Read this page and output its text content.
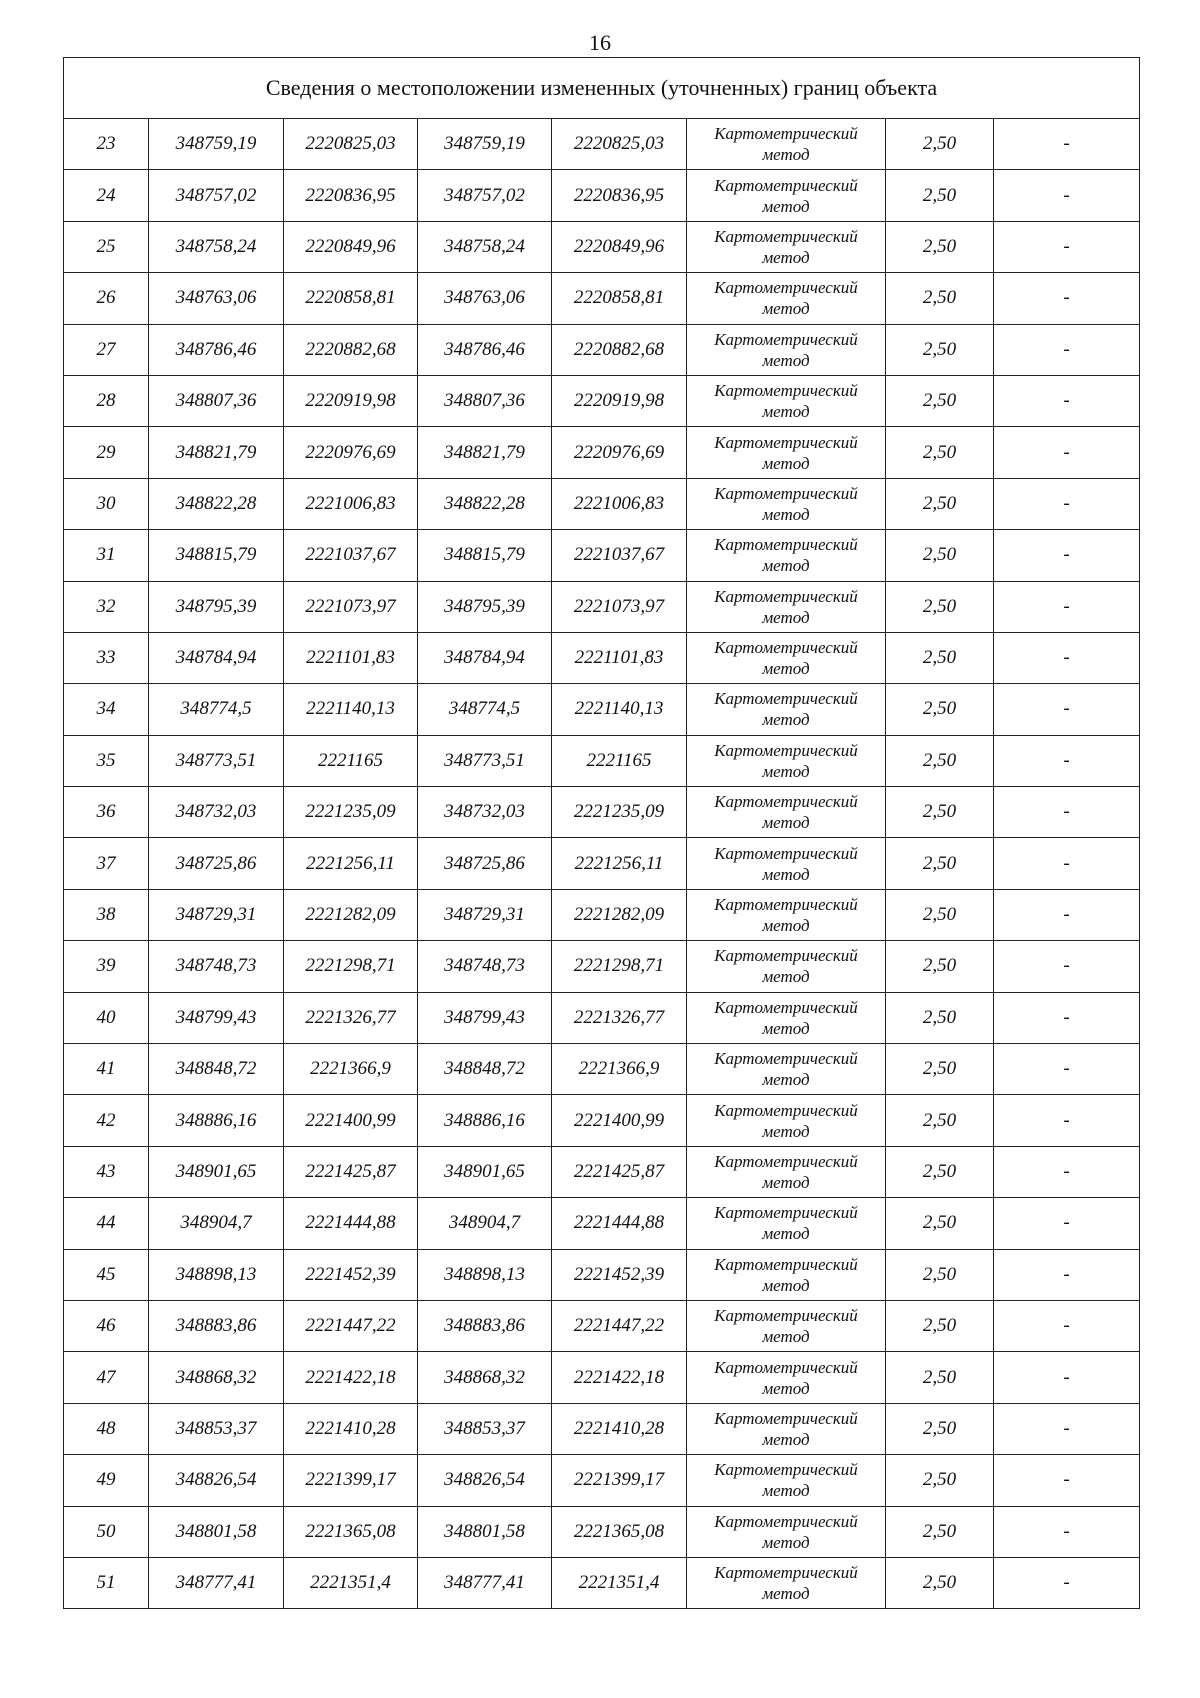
16
Сведения о местоположении измененных (уточненных) границ объекта							
23	348759,19	2220825,03	348759,19	2220825,03	Картометрический
метод	2,50	-
24	348757,02	2220836,95	348757,02	2220836,95	Картометрический
метод	2,50	-
25	348758,24	2220849,96	348758,24	2220849,96	Картометрический
метод	2,50	-
26	348763,06	2220858,81	348763,06	2220858,81	Картометрический
метод	2,50	-
27	348786,46	2220882,68	348786,46	2220882,68	Картометрический
метод	2,50	-
28	348807,36	2220919,98	348807,36	2220919,98	Картометрический
метод	2,50	-
29	348821,79	2220976,69	348821,79	2220976,69	Картометрический
метод	2,50	-
30	348822,28	2221006,83	348822,28	2221006,83	Картометрический
метод	2,50	-
31	348815,79	2221037,67	348815,79	2221037,67	Картометрический
метод	2,50	-
32	348795,39	2221073,97	348795,39	2221073,97	Картометрический
метод	2,50	-
33	348784,94	2221101,83	348784,94	2221101,83	Картометрический
метод	2,50	-
34	348774,5	2221140,13	348774,5	2221140,13	Картометрический
метод	2,50	-
35	348773,51	2221165	348773,51	2221165	Картометрический
метод	2,50	-
36	348732,03	2221235,09	348732,03	2221235,09	Картометрический
метод	2,50	-
37	348725,86	2221256,11	348725,86	2221256,11	Картометрический
метод	2,50	-
38	348729,31	2221282,09	348729,31	2221282,09	Картометрический
метод	2,50	-
39	348748,73	2221298,71	348748,73	2221298,71	Картометрический
метод	2,50	-
40	348799,43	2221326,77	348799,43	2221326,77	Картометрический
метод	2,50	-
41	348848,72	2221366,9	348848,72	2221366,9	Картометрический
метод	2,50	-
42	348886,16	2221400,99	348886,16	2221400,99	Картометрический
метод	2,50	-
43	348901,65	2221425,87	348901,65	2221425,87	Картометрический
метод	2,50	-
44	348904,7	2221444,88	348904,7	2221444,88	Картометрический
метод	2,50	-
45	348898,13	2221452,39	348898,13	2221452,39	Картометрический
метод	2,50	-
46	348883,86	2221447,22	348883,86	2221447,22	Картометрический
метод	2,50	-
47	348868,32	2221422,18	348868,32	2221422,18	Картометрический
метод	2,50	-
48	348853,37	2221410,28	348853,37	2221410,28	Картометрический
метод	2,50	-
49	348826,54	2221399,17	348826,54	2221399,17	Картометрический
метод	2,50	-
50	348801,58	2221365,08	348801,58	2221365,08	Картометрический
метод	2,50	-
51	348777,41	2221351,4	348777,41	2221351,4	Картометрический
метод	2,50	-
